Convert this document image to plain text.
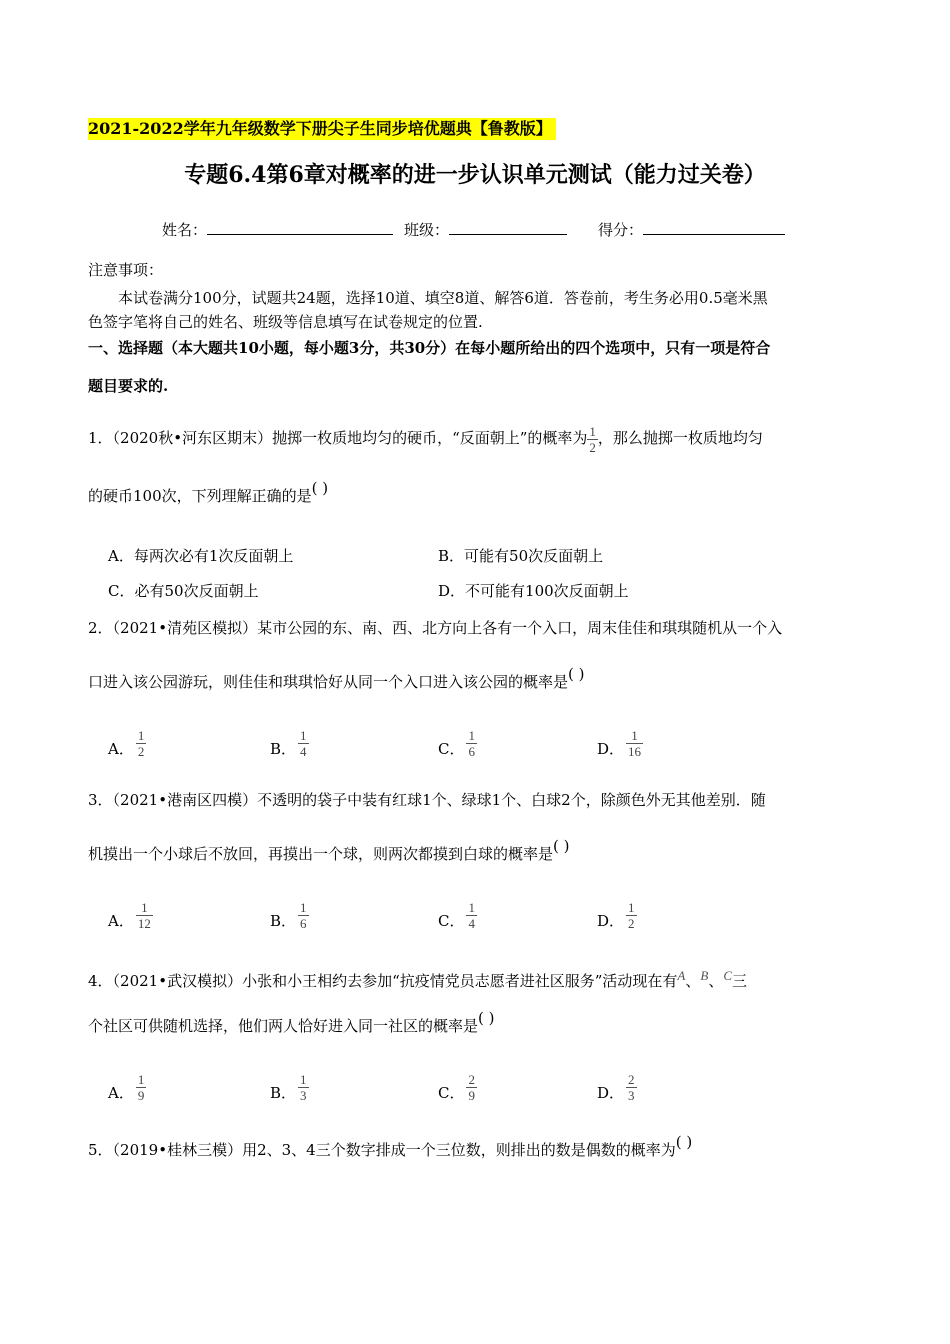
2021-2022学年九年级数学下册尖子生同步培优题典【鲁教版】
专题6.4第6章对概率的进一步认识单元测试（能力过关卷）
姓名：	班级：	得分：
注意事项：
本试卷满分100分，试题共24题，选择10道、填空8道、解答6道．答卷前，考生务必用0.5毫米黑
色签字笔将自己的姓名、班级等信息填写在试卷规定的位置.
一、选择题（本大题共10小题，每小题3分，共30分）在每小题所给出的四个选项中，只有一项是符合
题目要求的.
1．（2020秋•河东区期末）抛掷一枚质地均匀的硬币，“反面朝上”的概率为 $\frac{1}{2}$ ，那么抛掷一枚质地均匀
的硬币100次，下列理解正确的是( )
A．每两次必有1次反面朝上	B．可能有50次反面朝上
C．必有50次反面朝上	D．不可能有100次反面朝上
2．（2021•清苑区模拟）某市公园的东、南、西、北方向上各有一个入口，周末佳佳和琪琪随机从一个入
口进入该公园游玩，则佳佳和琪琪恰好从同一个入口进入该公园的概率是( )
A． $\frac{1}{2}$	B． $\frac{1}{4}$	C． $\frac{1}{6}$	D． $\frac{1}{16}$
3．（2021•港南区四模）不透明的袋子中装有红球1个、绿球1个、白球2个，除颜色外无其他差别．随
机摸出一个小球后不放回，再摸出一个球，则两次都摸到白球的概率是( )
A． $\frac{1}{12}$	B． $\frac{1}{6}$	C． $\frac{1}{4}$	D． $\frac{1}{2}$
4．（2021•武汉模拟）小张和小王相约去参加“抗疫情党员志愿者进社区服务”活动现在有A、B、C三
个社区可供随机选择，他们两人恰好进入同一社区的概率是( )
A． $\frac{1}{9}$	B． $\frac{1}{3}$	C． $\frac{2}{9}$	D． $\frac{2}{3}$
5．（2019•桂林三模）用2、3、4三个数字排成一个三位数，则排出的数是偶数的概率为( )
